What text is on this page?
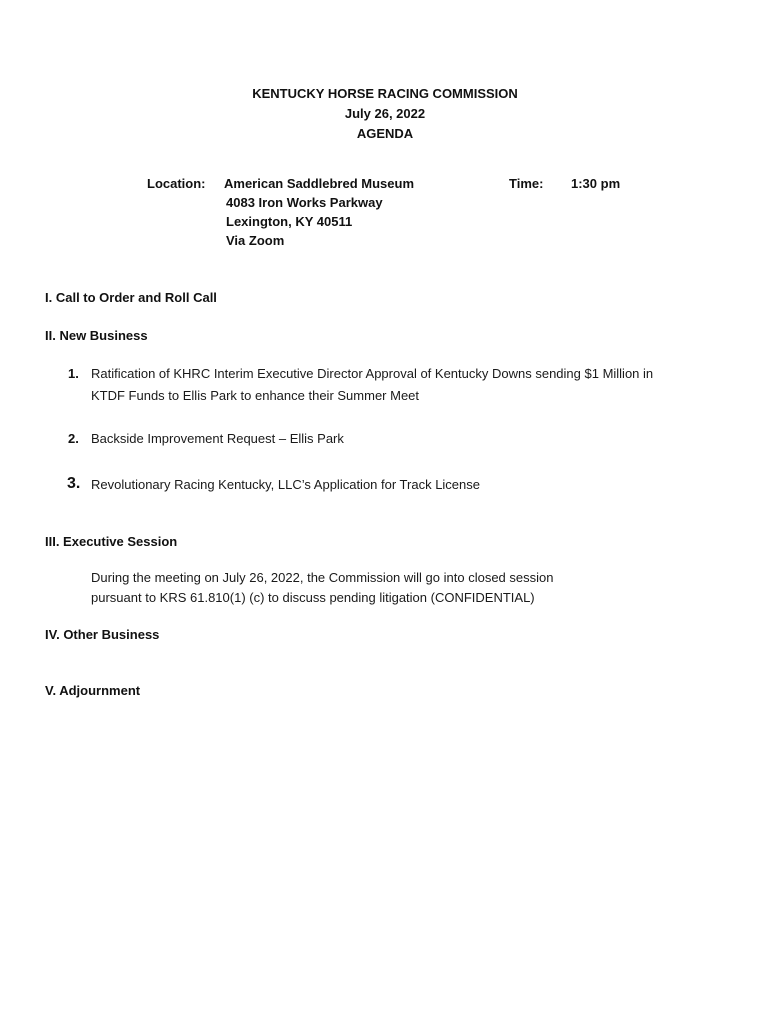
KENTUCKY HORSE RACING COMMISSION
July 26, 2022
AGENDA
Location: American Saddlebred Museum
4083 Iron Works Parkway
Lexington, KY 40511
Via Zoom
Time: 1:30 pm
I. Call to Order and Roll Call
II. New Business
1. Ratification of KHRC Interim Executive Director Approval of Kentucky Downs sending $1 Million in
KTDF Funds to Ellis Park to enhance their Summer Meet
2. Backside Improvement Request – Ellis Park
3. Revolutionary Racing Kentucky, LLC’s Application for Track License
III. Executive Session
During the meeting on July 26, 2022, the Commission will go into closed session
pursuant to KRS 61.810(1) (c) to discuss pending litigation (CONFIDENTIAL)
IV. Other Business
V. Adjournment
